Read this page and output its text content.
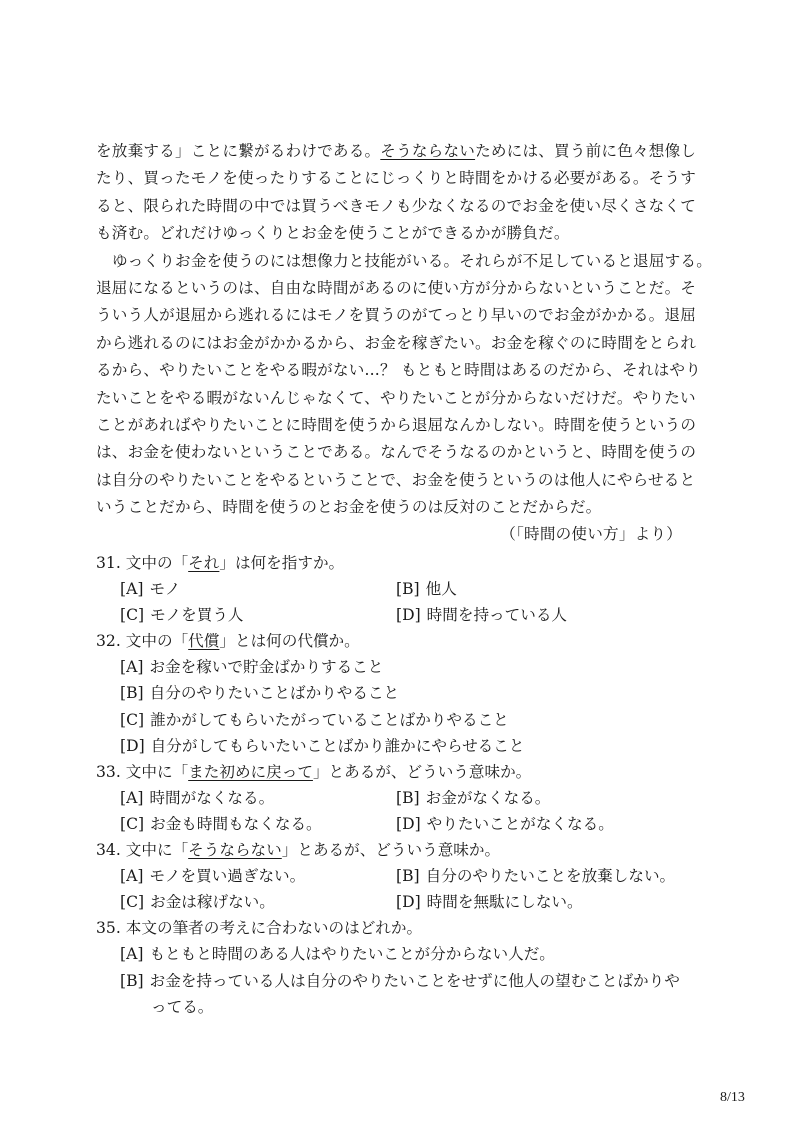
を放棄する」ことに繋がるわけである。そうならないためには、買う前に色々想像し
たり、買ったモノを使ったりすることにじっくりと時間をかける必要がある。そうす
ると、限られた時間の中では買うべきモノも少なくなるのでお金を使い尽くさなくて
も済む。どれだけゆっくりとお金を使うことができるかが勝負だ。
ゆっくりお金を使うのには想像力と技能がいる。それらが不足していると退屈する。
退屈になるというのは、自由な時間があるのに使い方が分からないということだ。そ
ういう人が退屈から逃れるにはモノを買うのがてっとり早いのでお金がかかる。退屈
から逃れるのにはお金がかかるから、お金を稼ぎたい。お金を稼ぐのに時間をとられ
るから、やりたいことをやる暇がない...？ もともと時間はあるのだから、それはやり
たいことをやる暇がないんじゃなくて、やりたいことが分からないだけだ。やりたい
ことがあればやりたいことに時間を使うから退屈なんかしない。時間を使うというの
は、お金を使わないということである。なんでそうなるのかというと、時間を使うの
は自分のやりたいことをやるということで、お金を使うというのは他人にやらせると
いうことだから、時間を使うのとお金を使うのは反対のことだからだ。
（「時間の使い方」より）
31. 文中の「それ」は何を指すか。
[A] モノ	[B] 他人
[C] モノを買う人	[D] 時間を持っている人
32. 文中の「代償」とは何の代償か。
[A] お金を稼いで貯金ばかりすること
[B] 自分のやりたいことばかりやること
[C] 誰かがしてもらいたがっていることばかりやること
[D] 自分がしてもらいたいことばかり誰かにやらせること
33. 文中に「また初めに戻って」とあるが、どういう意味か。
[A] 時間がなくなる。	[B] お金がなくなる。
[C] お金も時間もなくなる。	[D] やりたいことがなくなる。
34. 文中に「そうならない」とあるが、どういう意味か。
[A] モノを買い過ぎない。	[B] 自分のやりたいことを放棄しない。
[C] お金は稼げない。	[D] 時間を無駄にしない。
35. 本文の筆者の考えに合わないのはどれか。
[A] もともと時間のある人はやりたいことが分からない人だ。
[B] お金を持っている人は自分のやりたいことをせずに他人の望むことばかりや
ってる。
8/13
